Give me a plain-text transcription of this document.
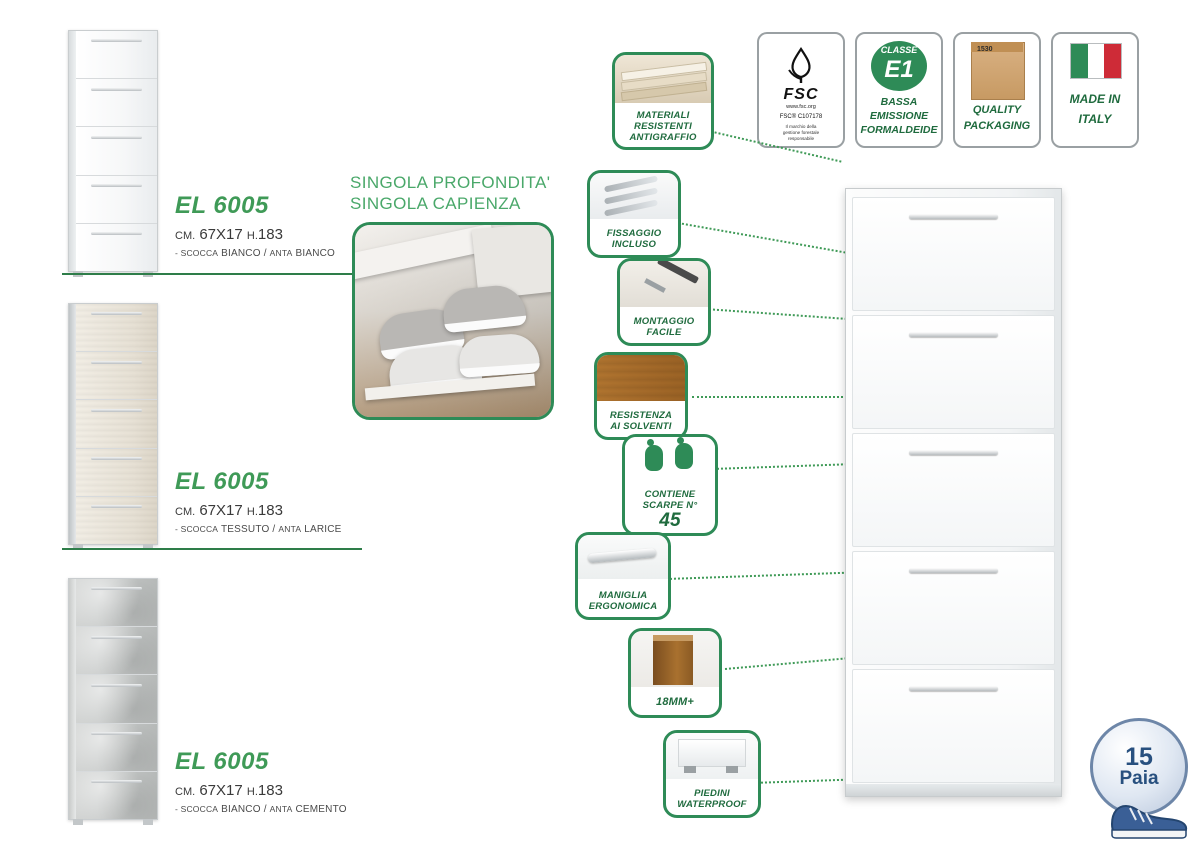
EL 6005
CM. 67X17 H.183
- SCOCCA BIANCO / ANTA BIANCO
EL 6005
CM. 67X17 H.183
- SCOCCA TESSUTO / ANTA LARICE
EL 6005
CM. 67X17 H.183
- SCOCCA BIANCO / ANTA CEMENTO
SINGOLA PROFONDITA'
SINGOLA CAPIENZA
FSC
www.fsc.org
FSC® C107178
Il marchio della
gestione forestale
responsabile
CLASSE
E1
BASSA
EMISSIONE
FORMALDEIDE
1530
QUALITY
PACKAGING
MADE IN
ITALY
MATERIALI
RESISTENTI
ANTIGRAFFIO
FISSAGGIO
INCLUSO
MONTAGGIO
FACILE
RESISTENZA
AI SOLVENTI
CONTIENE
SCARPE N°
45
MANIGLIA
ERGONOMICA
18MM+
PIEDINI
WATERPROOF
15
Paia
